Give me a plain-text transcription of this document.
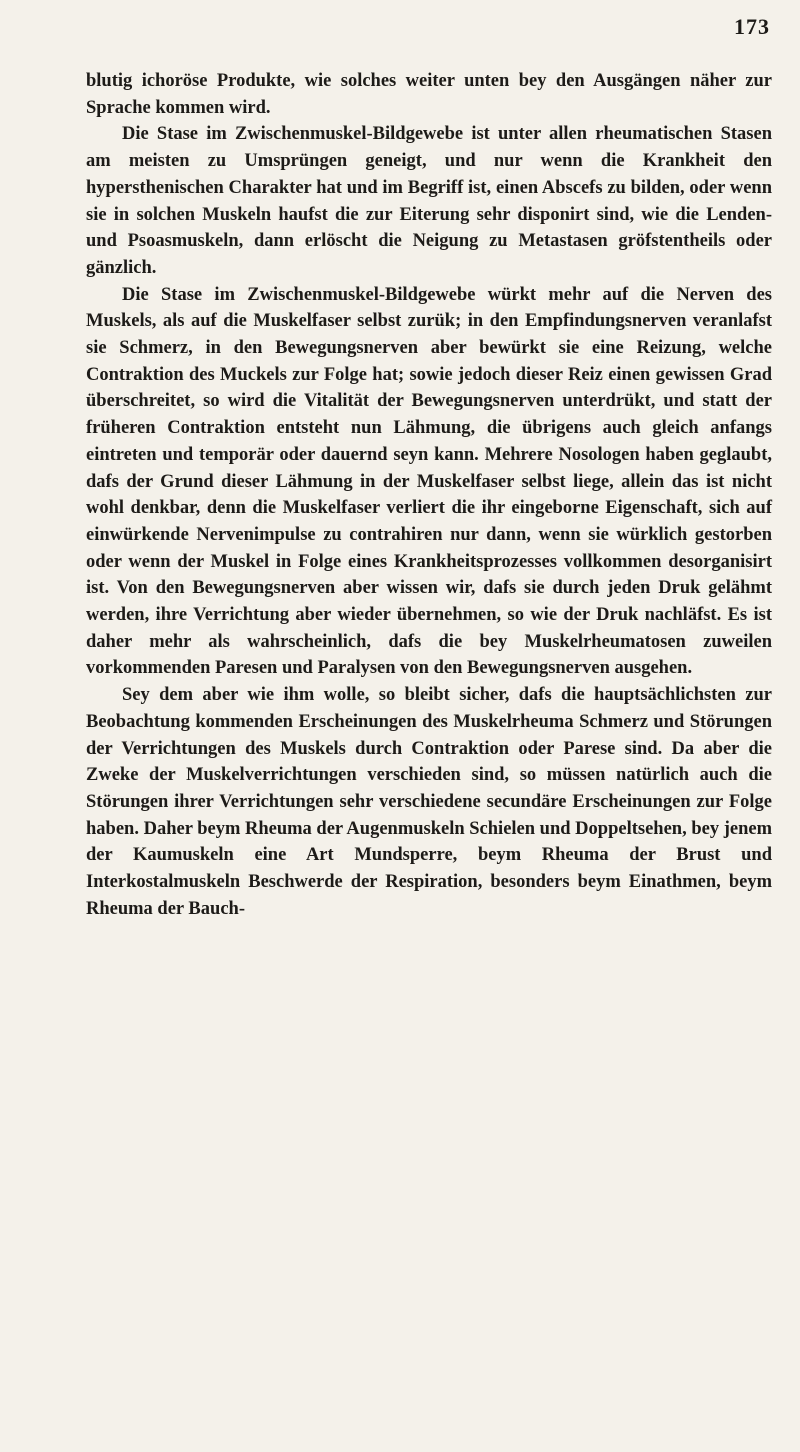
173

blutig ichoröse Produkte, wie solches weiter unten bey den Ausgängen näher zur Sprache kommen wird.

Die Stase im Zwischenmuskel-Bildgewebe ist unter allen rheumatischen Stasen am meisten zu Umsprüngen geneigt, und nur wenn die Krankheit den hypersthenischen Charakter hat und im Begriff ist, einen Abscefs zu bilden, oder wenn sie in solchen Muskeln haufst die zur Eiterung sehr disponirt sind, wie die Lenden- und Psoasmuskeln, dann erlöscht die Neigung zu Metastasen gröfstentheils oder gänzlich.

Die Stase im Zwischenmuskel-Bildgewebe würkt mehr auf die Nerven des Muskels, als auf die Muskelfaser selbst zurük; in den Empfindungsnerven veranlafst sie Schmerz, in den Bewegungsnerven aber bewürkt sie eine Reizung, welche Contraktion des Muckels zur Folge hat; sowie jedoch dieser Reiz einen gewissen Grad überschreitet, so wird die Vitalität der Bewegungsnerven unterdrükt, und statt der früheren Contraktion entsteht nun Lähmung, die übrigens auch gleich anfangs eintreten und temporär oder dauernd seyn kann. Mehrere Nosologen haben geglaubt, dafs der Grund dieser Lähmung in der Muskelfaser selbst liege, allein das ist nicht wohl denkbar, denn die Muskelfaser verliert die ihr eingeborne Eigenschaft, sich auf einwürkende Nervenimpulse zu contrahiren nur dann, wenn sie würklich gestorben oder wenn der Muskel in Folge eines Krankheitsprozesses vollkommen desorganisirt ist. Von den Bewegungsnerven aber wissen wir, dafs sie durch jeden Druk gelähmt werden, ihre Verrichtung aber wieder übernehmen, so wie der Druk nachläfst. Es ist daher mehr als wahrscheinlich, dafs die bey Muskelrheumatosen zuweilen vorkommenden Paresen und Paralysen von den Bewegungsnerven ausgehen.

Sey dem aber wie ihm wolle, so bleibt sicher, dafs die hauptsächlichsten zur Beobachtung kommenden Erscheinungen des Muskelrheuma Schmerz und Störungen der Verrichtungen des Muskels durch Contraktion oder Parese sind. Da aber die Zweke der Muskelverrichtungen verschieden sind, so müssen natürlich auch die Störungen ihrer Verrichtungen sehr verschiedene secundäre Erscheinungen zur Folge haben. Daher beym Rheuma der Augenmuskeln Schielen und Doppeltsehen, bey jenem der Kaumuskeln eine Art Mundsperre, beym Rheuma der Brust und Interkostalmuskeln Beschwerde der Respiration, besonders beym Einathmen, beym Rheuma der Bauch-
